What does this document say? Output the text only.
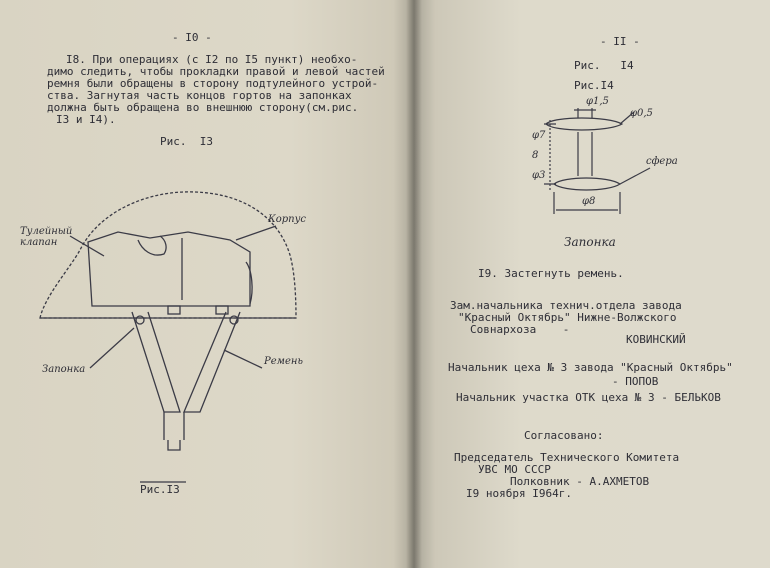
- I0 -
I8. При операциях (с I2 по I5 пункт) необхо-
димо следить, чтобы прокладки правой и левой частей
ремня были обращены в сторону подтулейного устрой-
ства. Загнутая часть концов гортов на запонках
должна быть обращена во внешнюю сторону(см.рис.
I3 и I4).
Рис.  I3
Тулейный клапан
Корпус
Запонка
Ремень
Рис.I3
- II -
Рис.   I4
Рис.I4
φ1,5
φ0,5
8
φ7
φ3
φ8
сфера
Запонка
I9. Застегнуть ремень.
Зам.начальника технич.отдела завода
"Красный Октябрь" Нижне-Волжского
Совнархоза    -
КОВИНСКИЙ
Начальник цеха № 3 завода "Красный Октябрь"
- ПОПОВ
Начальник участка ОТК цеха № 3 - БЕЛЬКОВ
Согласовано:
Председатель Технического Комитета
УВС МО СССР
Полковник - А.АХМЕТОВ
I9 ноября I964г.
